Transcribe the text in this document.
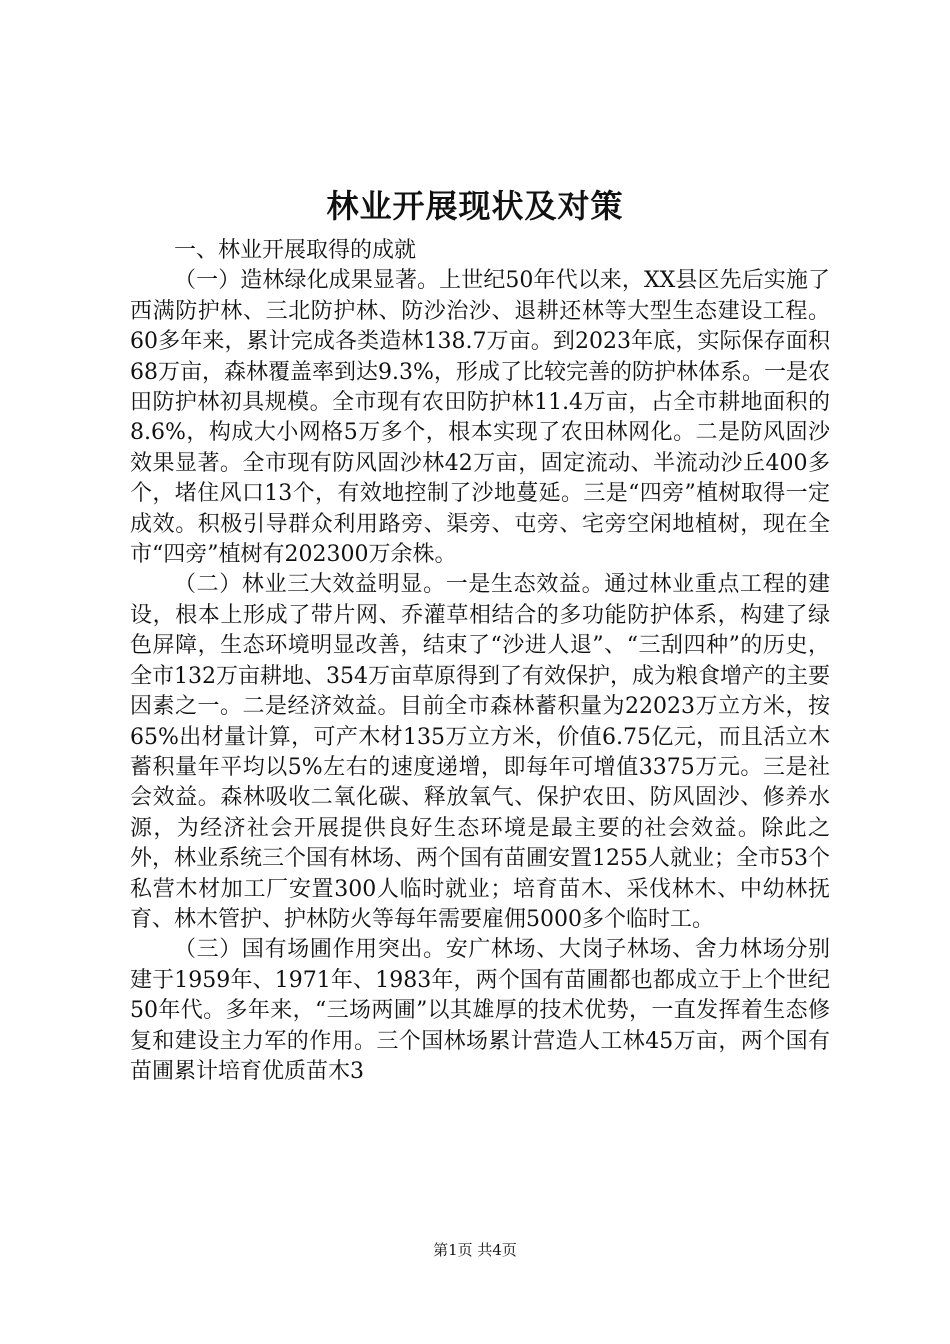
林业开展现状及对策

一、林业开展取得的成就

（一）造林绿化成果显著。上世纪50年代以来，XX县区先后实施了西满防护林、三北防护林、防沙治沙、退耕还林等大型生态建设工程。60多年来，累计完成各类造林138.7万亩。到2023年底，实际保存面积68万亩，森林覆盖率到达9.3%，形成了比较完善的防护林体系。一是农田防护林初具规模。全市现有农田防护林11.4万亩，占全市耕地面积的8.6%，构成大小网格5万多个，根本实现了农田林网化。二是防风固沙效果显著。全市现有防风固沙林42万亩，固定流动、半流动沙丘400多个，堵住风口13个，有效地控制了沙地蔓延。三是“四旁”植树取得一定成效。积极引导群众利用路旁、渠旁、屯旁、宅旁空闲地植树，现在全市“四旁”植树有202300万余株。

（二）林业三大效益明显。一是生态效益。通过林业重点工程的建设，根本上形成了带片网、乔灌草相结合的多功能防护体系，构建了绿色屏障，生态环境明显改善，结束了“沙进人退”、“三刮四种”的历史，全市132万亩耕地、354万亩草原得到了有效保护，成为粮食增产的主要因素之一。二是经济效益。目前全市森林蓄积量为22023万立方米，按65%出材量计算，可产木材135万立方米，价值6.75亿元，而且活立木蓄积量年平均以5%左右的速度递增，即每年可增值3375万元。三是社会效益。森林吸收二氧化碳、释放氧气、保护农田、防风固沙、修养水源，为经济社会开展提供良好生态环境是最主要的社会效益。除此之外，林业系统三个国有林场、两个国有苗圃安置1255人就业；全市53个私营木材加工厂安置300人临时就业；培育苗木、采伐林木、中幼林抚育、林木管护、护林防火等每年需要雇佣5000多个临时工。

（三）国有场圃作用突出。安广林场、大岗子林场、舍力林场分别建于1959年、1971年、1983年，两个国有苗圃都也都成立于上个世纪50年代。多年来，“三场两圃”以其雄厚的技术优势，一直发挥着生态修复和建设主力军的作用。三个国林场累计营造人工林45万亩，两个国有苗圃累计培育优质苗木3

第1页 共4页
